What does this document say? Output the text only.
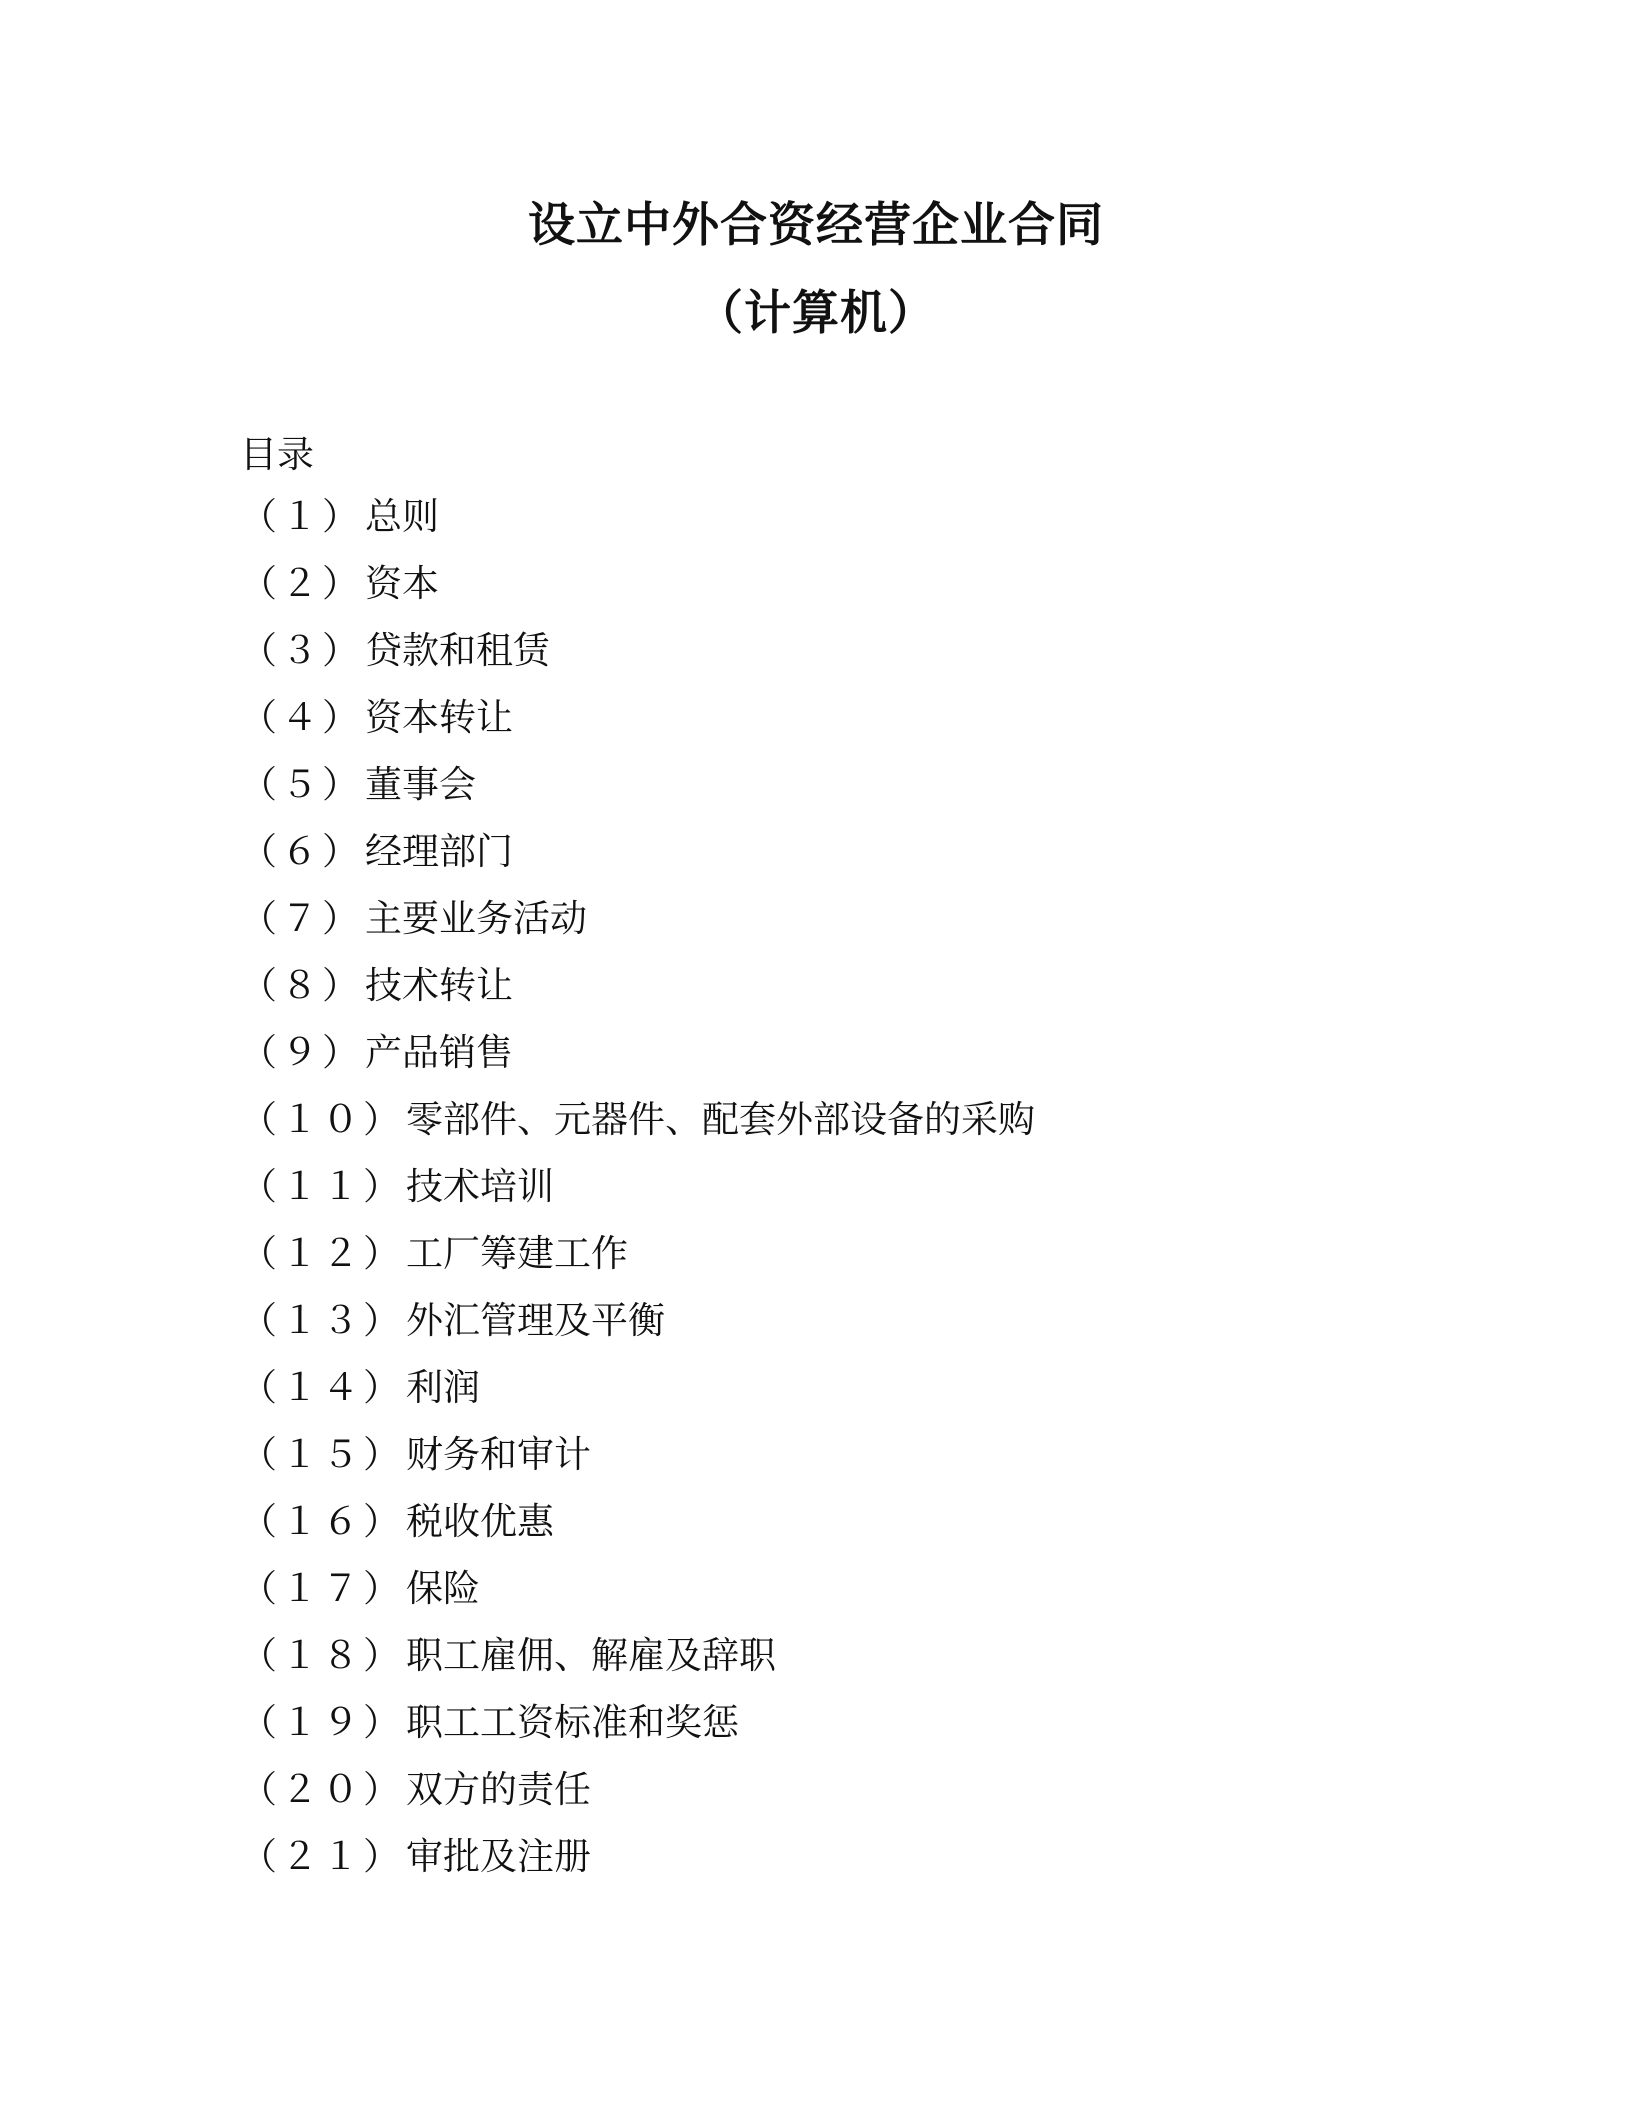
设立中外合资经营企业合同
（计算机）
目录
（１）总则
（２）资本
（３）贷款和租赁
（４）资本转让
（５）董事会
（６）经理部门
（７）主要业务活动
（８）技术转让
（９）产品销售
（１０）零部件、元器件、配套外部设备的采购
（１１）技术培训
（１２）工厂筹建工作
（１３）外汇管理及平衡
（１４）利润
（１５）财务和审计
（１６）税收优惠
（１７）保险
（１８）职工雇佣、解雇及辞职
（１９）职工工资标准和奖惩
（２０）双方的责任
（２１）审批及注册
